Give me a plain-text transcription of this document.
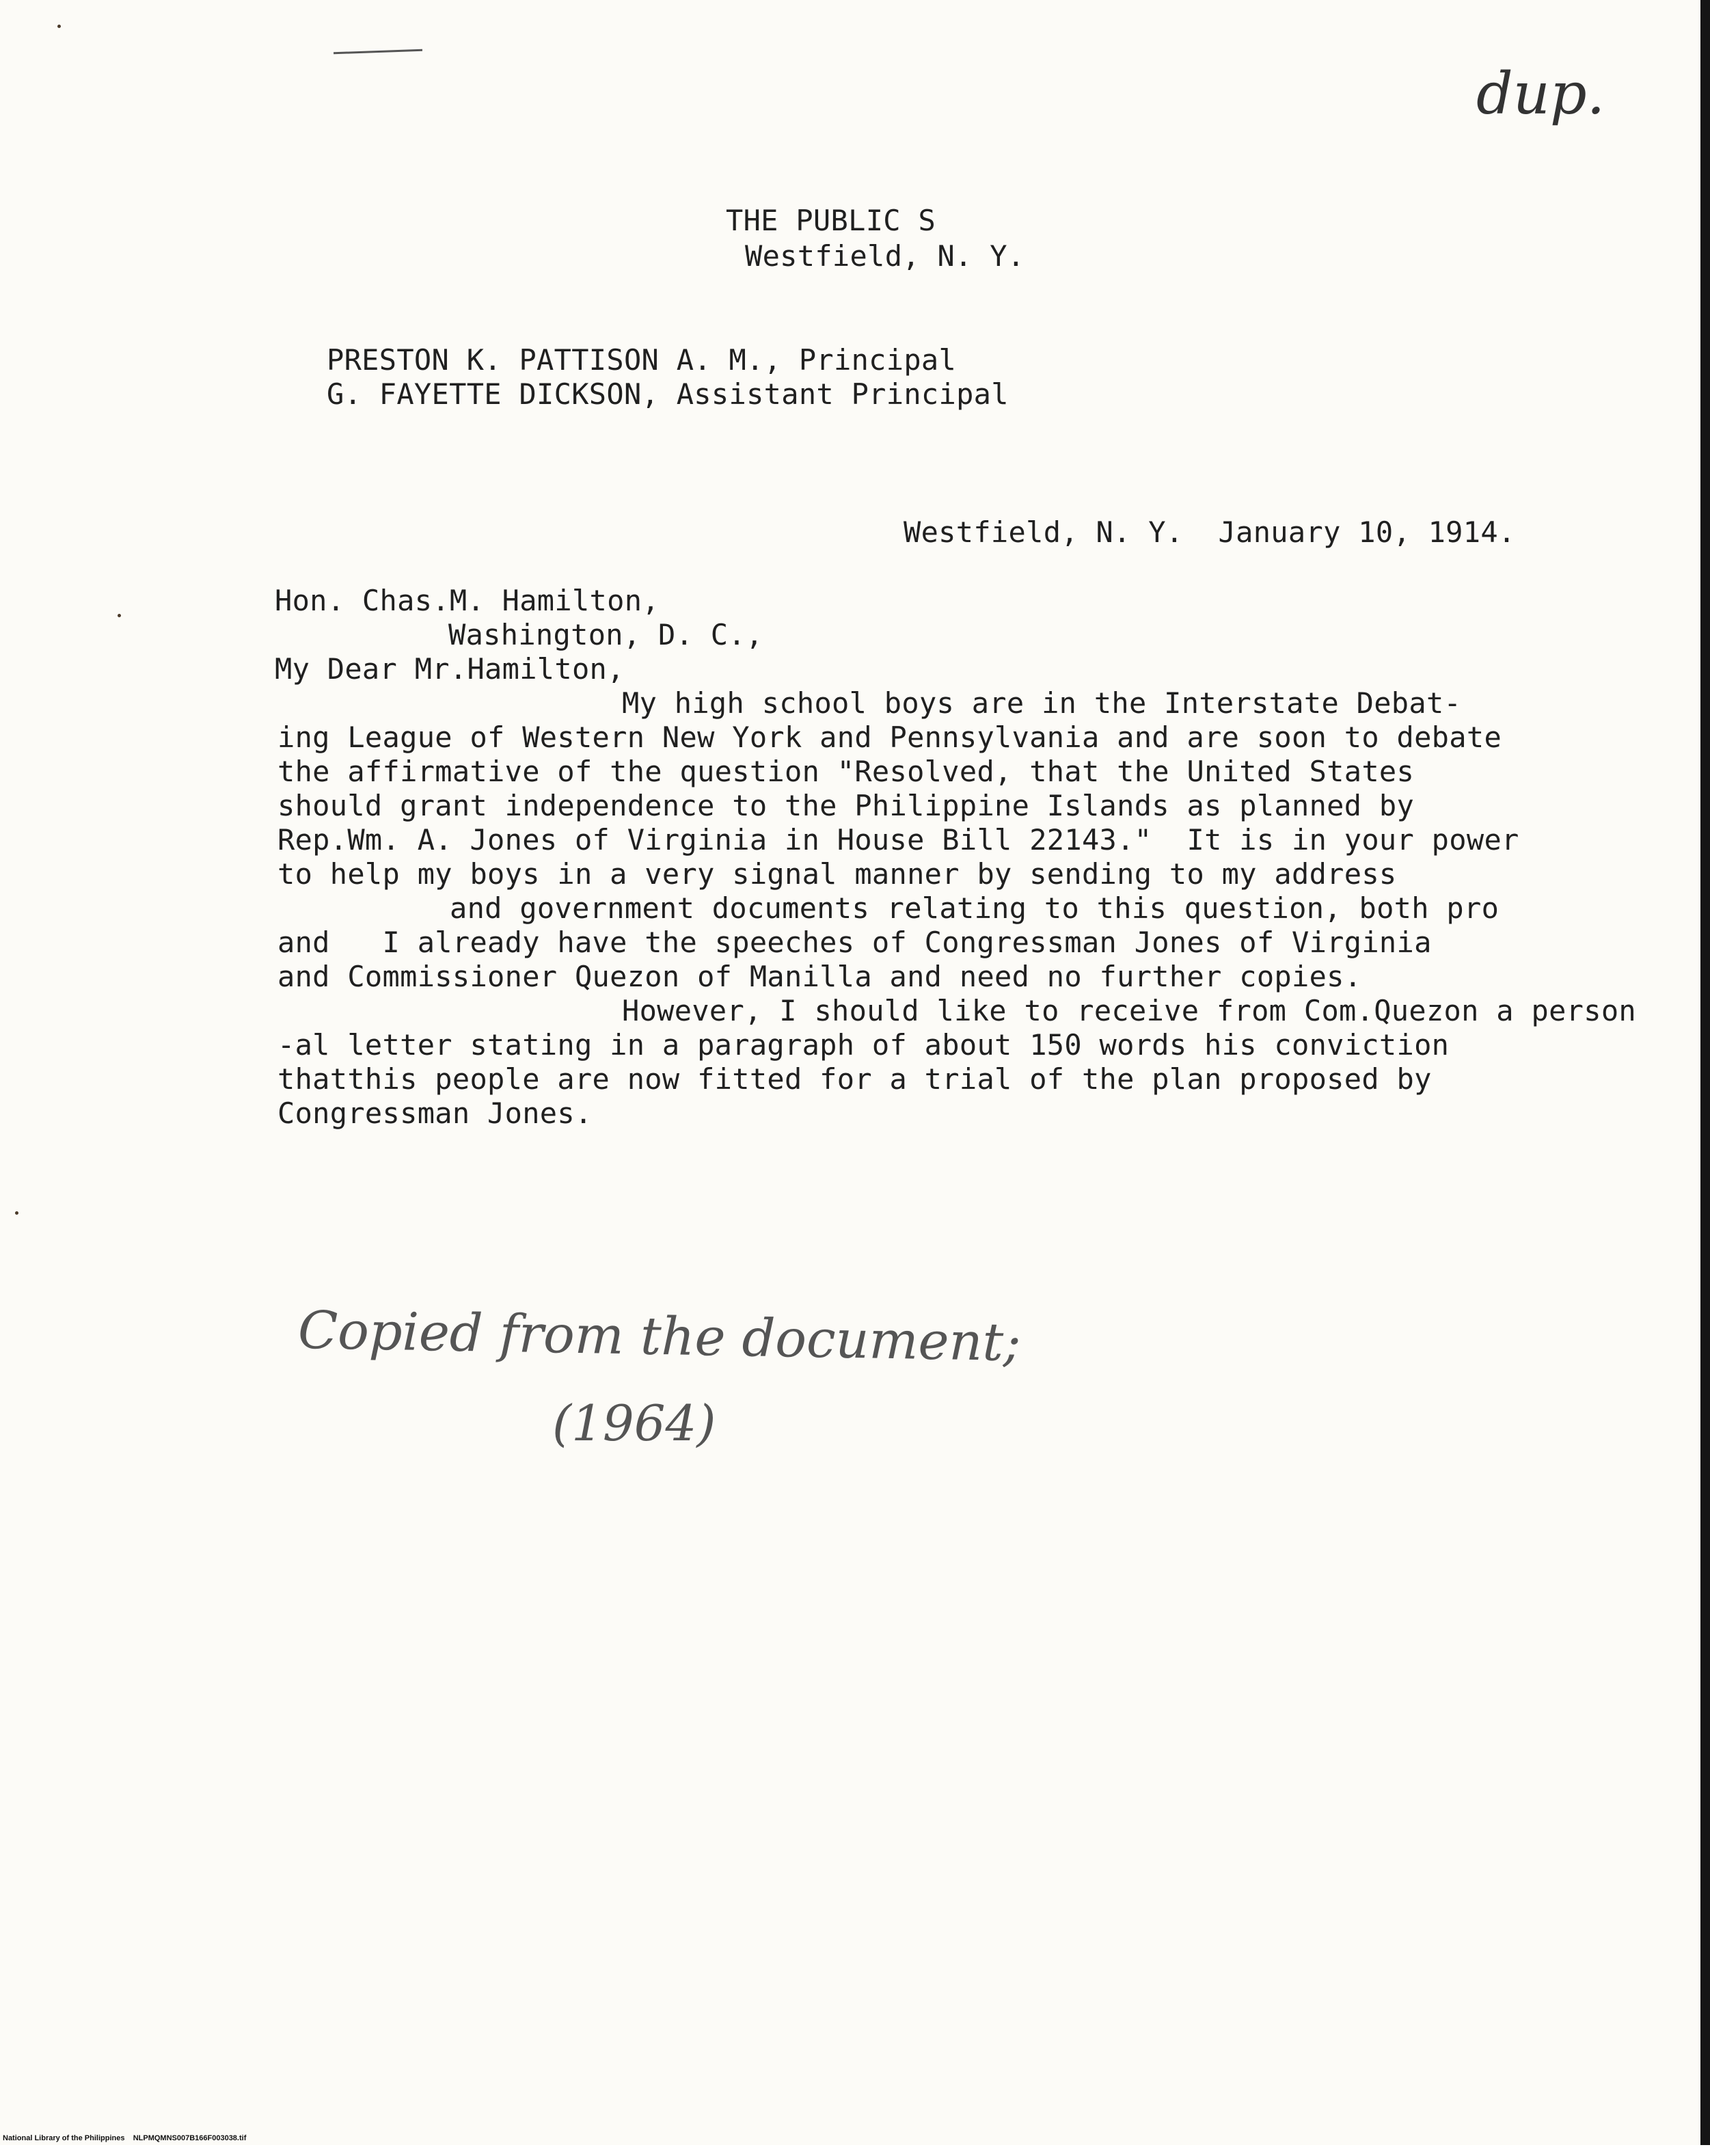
dup.
THE PUBLIC S
Westfield, N. Y.
PRESTON K. PATTISON A. M., Principal
G. FAYETTE DICKSON, Assistant Principal
Westfield, N. Y.  January 10, 1914.
Hon. Chas.M. Hamilton,
Washington, D. C.,
My Dear Mr.Hamilton,
My high school boys are in the Interstate Debat-
ing League of Western New York and Pennsylvania and are soon to debate
the affirmative of the question "Resolved, that the United States
should grant independence to the Philippine Islands as planned by
Rep.Wm. A. Jones of Virginia in House Bill 22143."  It is in your power
to help my boys in a very signal manner by sending to my address
and government documents relating to this question, both pro
and   I already have the speeches of Congressman Jones of Virginia
and Commissioner Quezon of Manilla and need no further copies.
However, I should like to receive from Com.Quezon a person
-al letter stating in a paragraph of about 150 words his conviction
thatthis people are now fitted for a trial of the plan proposed by
Congressman Jones.
Copied from the document;
(1964)
National Library of the Philippines    NLPMQMNS007B166F003038.tif
